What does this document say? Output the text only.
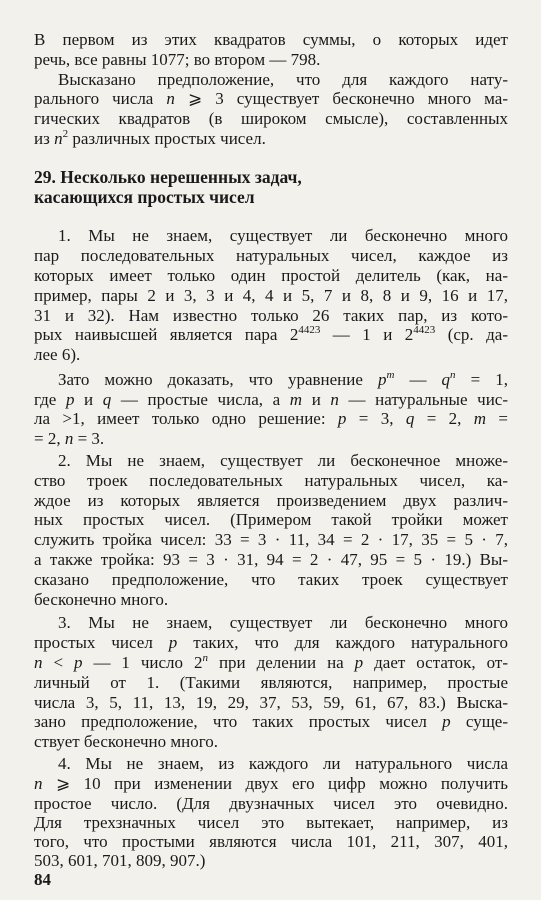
В первом из этих квадратов суммы, о которых идет
речь, все равны 1077; во втором — 798.
Высказано предположение, что для каждого нату-
рального числа n ⩾ 3 существует бесконечно много ма-
гических квадратов (в широком смысле), составленных
из $n^2$ различных простых чисел.
29. Несколько нерешенных задач,
касающихся простых чисел
1. Мы не знаем, существует ли бесконечно много
пар последовательных натуральных чисел, каждое из
которых имеет только один простой делитель (как, на-
пример, пары 2 и 3, 3 и 4, 4 и 5, 7 и 8, 8 и 9, 16 и 17,
31 и 32). Нам известно только 26 таких пар, из кото-
рых наивысшей является пара $2^{4423}$ — 1 и $2^{4423}$ (ср. да-
лее 6).
Зато можно доказать, что уравнение $p^m$ — $q^n = 1$,
где p и q — простые числа, а m и n — натуральные чис-
ла >1, имеет только одно решение: p = 3, q = 2, m =
= 2, n = 3.
2. Мы не знаем, существует ли бесконечное множе-
ство троек последовательных натуральных чисел, ка-
ждое из которых является произведением двух различ-
ных простых чисел. (Примером такой тройки может
служить тройка чисел: 33 = 3 · 11, 34 = 2 · 17, 35 = 5 · 7,
а также тройка: 93 = 3 · 31, 94 = 2 · 47, 95 = 5 · 19.) Вы-
сказано предположение, что таких троек существует
бесконечно много.
3. Мы не знаем, существует ли бесконечно много
простых чисел p таких, что для каждого натурального
n < p — 1 число 2$^n$ при делении на p дает остаток, от-
личный от 1. (Такими являются, например, простые
числа 3, 5, 11, 13, 19, 29, 37, 53, 59, 61, 67, 83.) Выска-
зано предположение, что таких простых чисел p суще-
ствует бесконечно много.
4. Мы не знаем, из каждого ли натурального числа
n ⩾ 10 при изменении двух его цифр можно получить
простое число. (Для двузначных чисел это очевидно.
Для трехзначных чисел это вытекает, например, из
того, что простыми являются числа 101, 211, 307, 401,
503, 601, 701, 809, 907.)
84
